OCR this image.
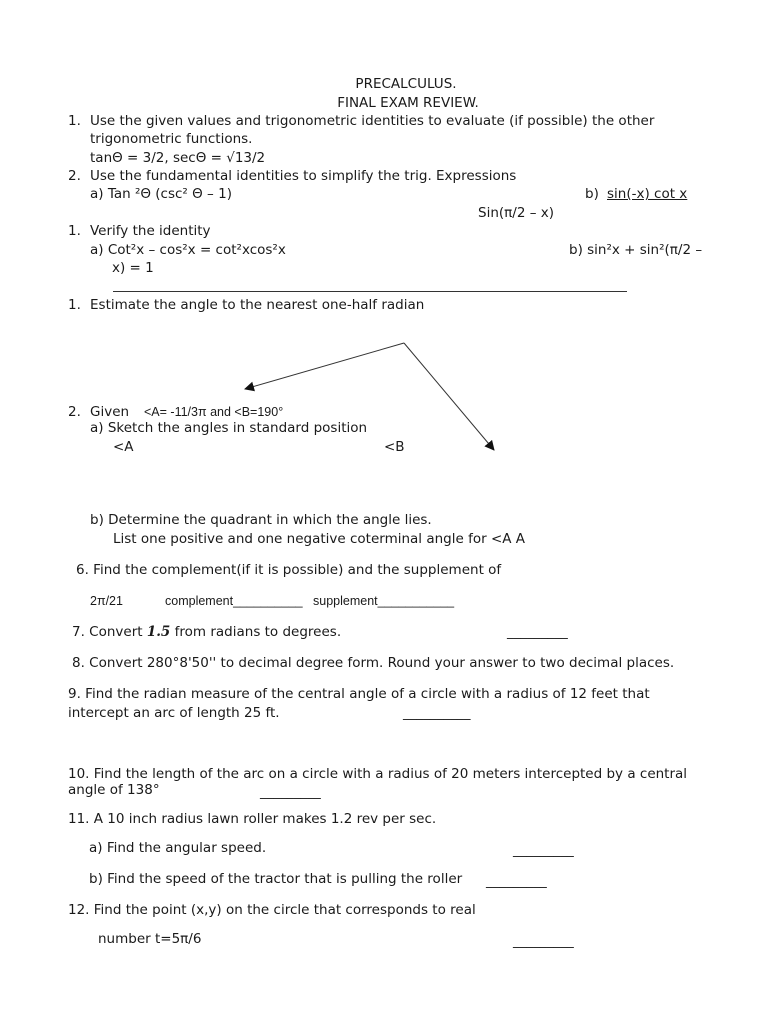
PRECALCULUS.
FINAL EXAM REVIEW.
1. Use the given values and trigonometric identities to evaluate (if possible) the other
trigonometric functions.
tanΘ = 3/2, secΘ = √13/2
2. Use the fundamental identities to simplify the trig. Expressions
a) Tan ²Θ (csc² Θ – 1)	b) sin(-x) cot x
Sin(π/2 – x)
1. Verify the identity
a) Cot²x – cos²x = cot²xcos²x	b) sin²x + sin²(π/2 –
x) = 1
1. Estimate the angle to the nearest one-half radian
2. Given <A= -11/3π and <B=190°
a) Sketch the angles in standard position
<A	<B
b) Determine the quadrant in which the angle lies.
List one positive and one negative coterminal angle for <A A
6. Find the complement(if it is possible) and the supplement of
2π/21	complement__________ supplement___________
7. Convert 1.5 from radians to degrees.	_________
8. Convert 280°8'50'' to decimal degree form. Round your answer to two decimal places.
9. Find the radian measure of the central angle of a circle with a radius of 12 feet that
intercept an arc of length 25 ft.	__________
10. Find the length of the arc on a circle with a radius of 20 meters intercepted by a central
angle of 138°	_________
11. A 10 inch radius lawn roller makes 1.2 rev per sec.
a) Find the angular speed.	_________
b) Find the speed of the tractor that is pulling the roller _________
12. Find the point (x,y) on the circle that corresponds to real
number t=5π/6	_________
